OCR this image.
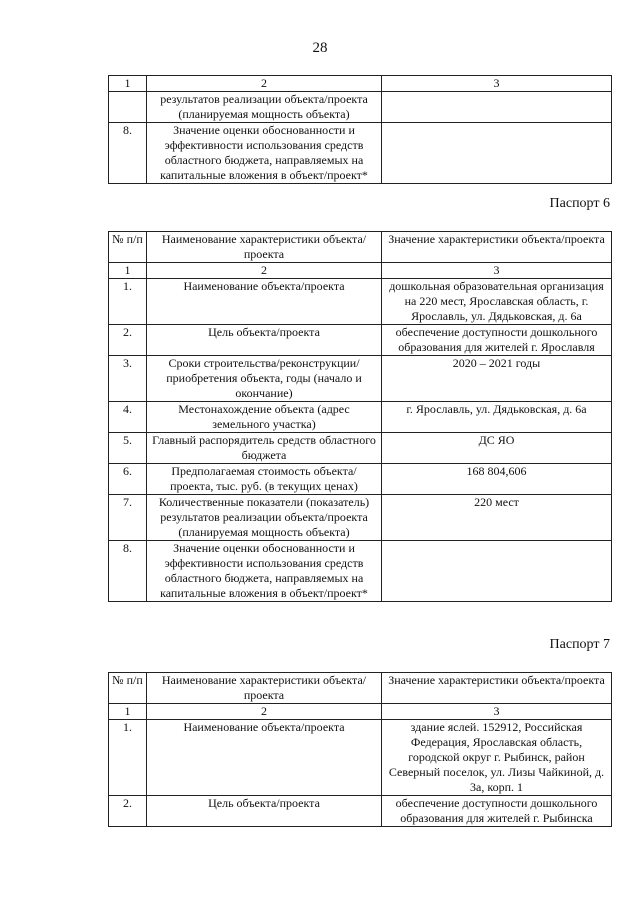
28
1	2	3
	результатов реализации объекта/проекта (планируемая мощность объекта)	
8.	Значение оценки обоснованности и эффективности использования средств областного бюджета, направляемых на капитальные вложения в объект/проект*	
Паспорт 6
№ п/п	Наименование характеристики объекта/проекта	Значение характеристики объекта/проекта
1	2	3
1.	Наименование объекта/проекта	дошкольная образовательная организация на 220 мест, Ярославская область, г. Ярославль, ул. Дядьковская, д. 6а
2.	Цель объекта/проекта	обеспечение доступности дошкольного образования для жителей г. Ярославля
3.	Сроки строительства/реконструкции/ приобретения объекта, годы (начало и окончание)	2020 – 2021 годы
4.	Местонахождение объекта (адрес земельного участка)	г. Ярославль, ул. Дядьковская, д. 6а
5.	Главный распорядитель средств областного бюджета	ДС ЯО
6.	Предполагаемая стоимость объекта/ проекта, тыс. руб. (в текущих ценах)	168 804,606
7.	Количественные показатели (показатель) результатов реализации объекта/проекта (планируемая мощность объекта)	220 мест
8.	Значение оценки обоснованности и эффективности использования средств областного бюджета, направляемых на капитальные вложения в объект/проект*	
Паспорт 7
№ п/п	Наименование характеристики объекта/проекта	Значение характеристики объекта/проекта
1	2	3
1.	Наименование объекта/проекта	здание яслей. 152912, Российская Федерация, Ярославская область, городской округ г. Рыбинск, район Северный поселок, ул. Лизы Чайкиной, д. 3а, корп. 1
2.	Цель объекта/проекта	обеспечение доступности дошкольного образования для жителей г. Рыбинска
